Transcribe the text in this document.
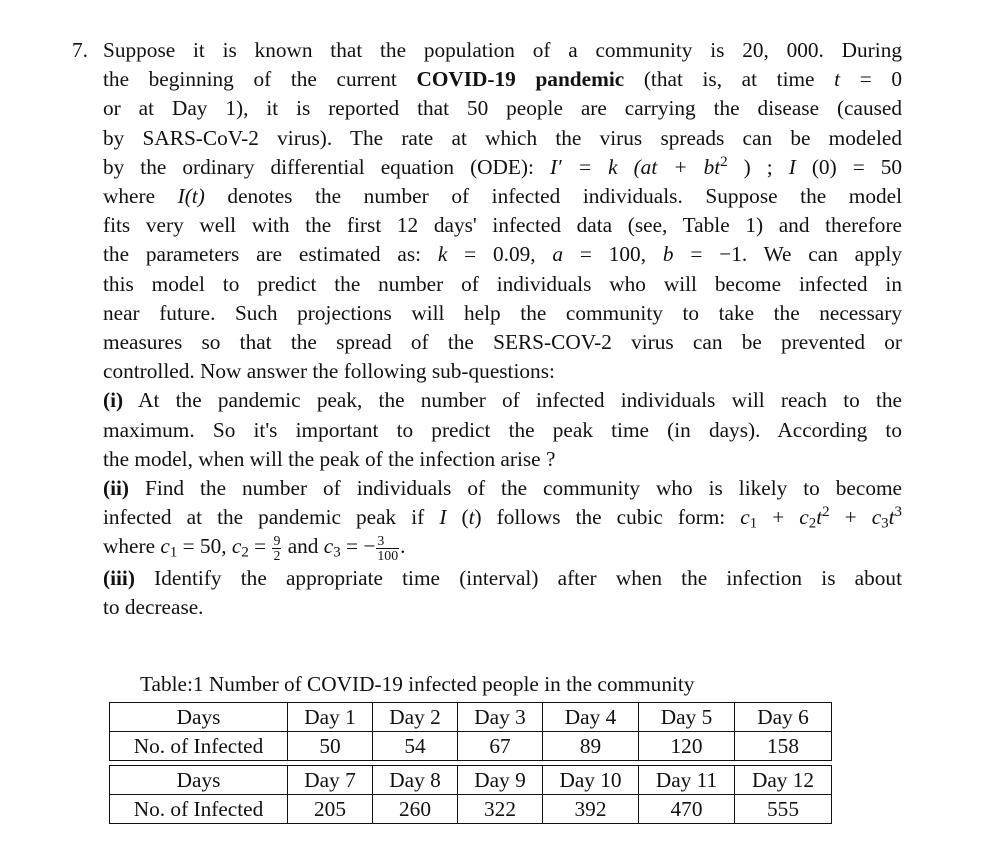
7. Suppose it is known that the population of a community is 20, 000. During
the beginning of the current COVID-19 pandemic (that is, at time t = 0
or at Day 1), it is reported that 50 people are carrying the disease (caused
by SARS-CoV-2 virus). The rate at which the virus spreads can be modeled
by the ordinary differential equation (ODE): I′ = k ($at + bt^2$ ) ; I (0) = 50
where I(t) denotes the number of infected individuals. Suppose the model
fits very well with the first 12 days' infected data (see, Table 1) and therefore
the parameters are estimated as: k = 0.09, a = 100, b = −1. We can apply
this model to predict the number of individuals who will become infected in
near future. Such projections will help the community to take the necessary
measures so that the spread of the SERS-COV-2 virus can be prevented or
controlled. Now answer the following sub-questions:
(i) At the pandemic peak, the number of infected individuals will reach to the
maximum. So it's important to predict the peak time (in days). According to
the model, when will the peak of the infection arise ?
(ii) Find the number of individuals of the community who is likely to become
infected at the pandemic peak if I (t) follows the cubic form: $c_1 + c_2t^2 + c_3t^3$
where $c_1 = 50$, $c_2 = \frac{9}{2}$ and $c_3$ = − $\frac{3}{100}$ .
(iii) Identify the appropriate time (interval) after when the infection is about
to decrease.
Table:1 Number of COVID-19 infected people in the community
Days	Day 1	Day 2	Day 3	Day 4	Day 5	Day 6
No. of Infected	50	54	67	89	120	158
Days	Day 7	Day 8	Day 9	Day 10	Day 11	Day 12
No. of Infected	205	260	322	392	470	555
